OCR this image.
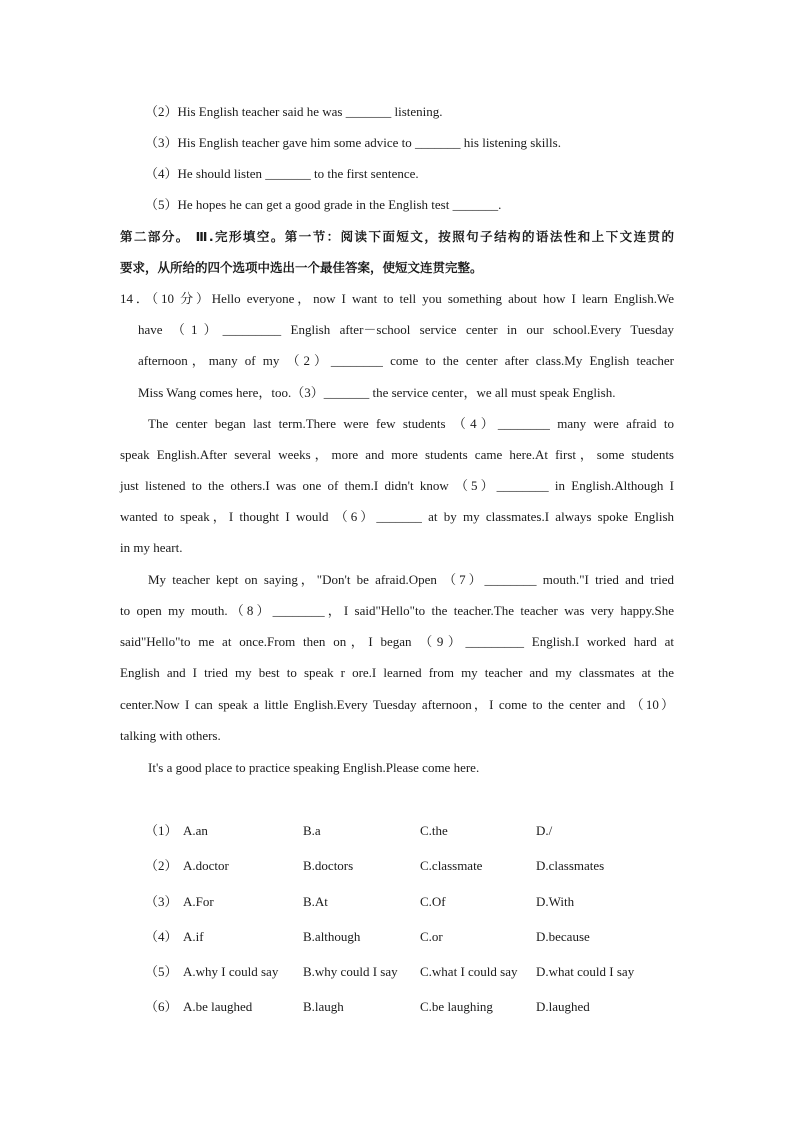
（2）His English teacher said he was _______ listening.
（3）His English teacher gave him some advice to _______ his listening skills.
（4）He should listen _______ to the first sentence.
（5）He hopes he can get a good grade in the English test _______.
第二部分。 Ⅲ.完形填空。第一节：阅读下面短文，按照句子结构的语法性和上下文连贯的
要求，从所给的四个选项中选出一个最佳答案，使短文连贯完整。
14．（10 分）Hello everyone，now I want to tell you something about how I learn English.We
have （1）_________ English after－school service center in our school.Every Tuesday
afternoon，many of my （2）________ come to the center after class.My English teacher
Miss Wang comes here，too.（3）_______ the service center，we all must speak English.
The center began last term.There were few students （4）________ many were afraid to
speak English.After several weeks，more and more students came here.At first，some students
just listened to the others.I was one of them.I didn't know （5）________ in English.Although I
wanted to speak，I thought I would （6）_______ at by my classmates.I always spoke English
in my heart.
My teacher kept on saying，"Don't be afraid.Open （7）________ mouth."I tried and tried
to open my mouth.（8）________，I said"Hello"to the teacher.The teacher was very happy.She
said"Hello"to me at once.From then on，I began （9）_________ English.I worked hard at
English and I tried my best to speak r ore.I learned from my teacher and my classmates at the
center.Now I can speak a little English.Every Tuesday afternoon，I come to the center and （10）
talking with others.
It's a good place to practice speaking English.Please come here.
（1） A.an	B.a	C.the	D./
（2） A.doctor	B.doctors	C.classmate	D.classmates
（3） A.For	B.At	C.Of	D.With
（4） A.if	B.although	C.or	D.because
（5） A.why I could say B.why could I say C.what I could say D.what could I say
（6） A.be laughed	B.laugh	C.be laughing	D.laughed
